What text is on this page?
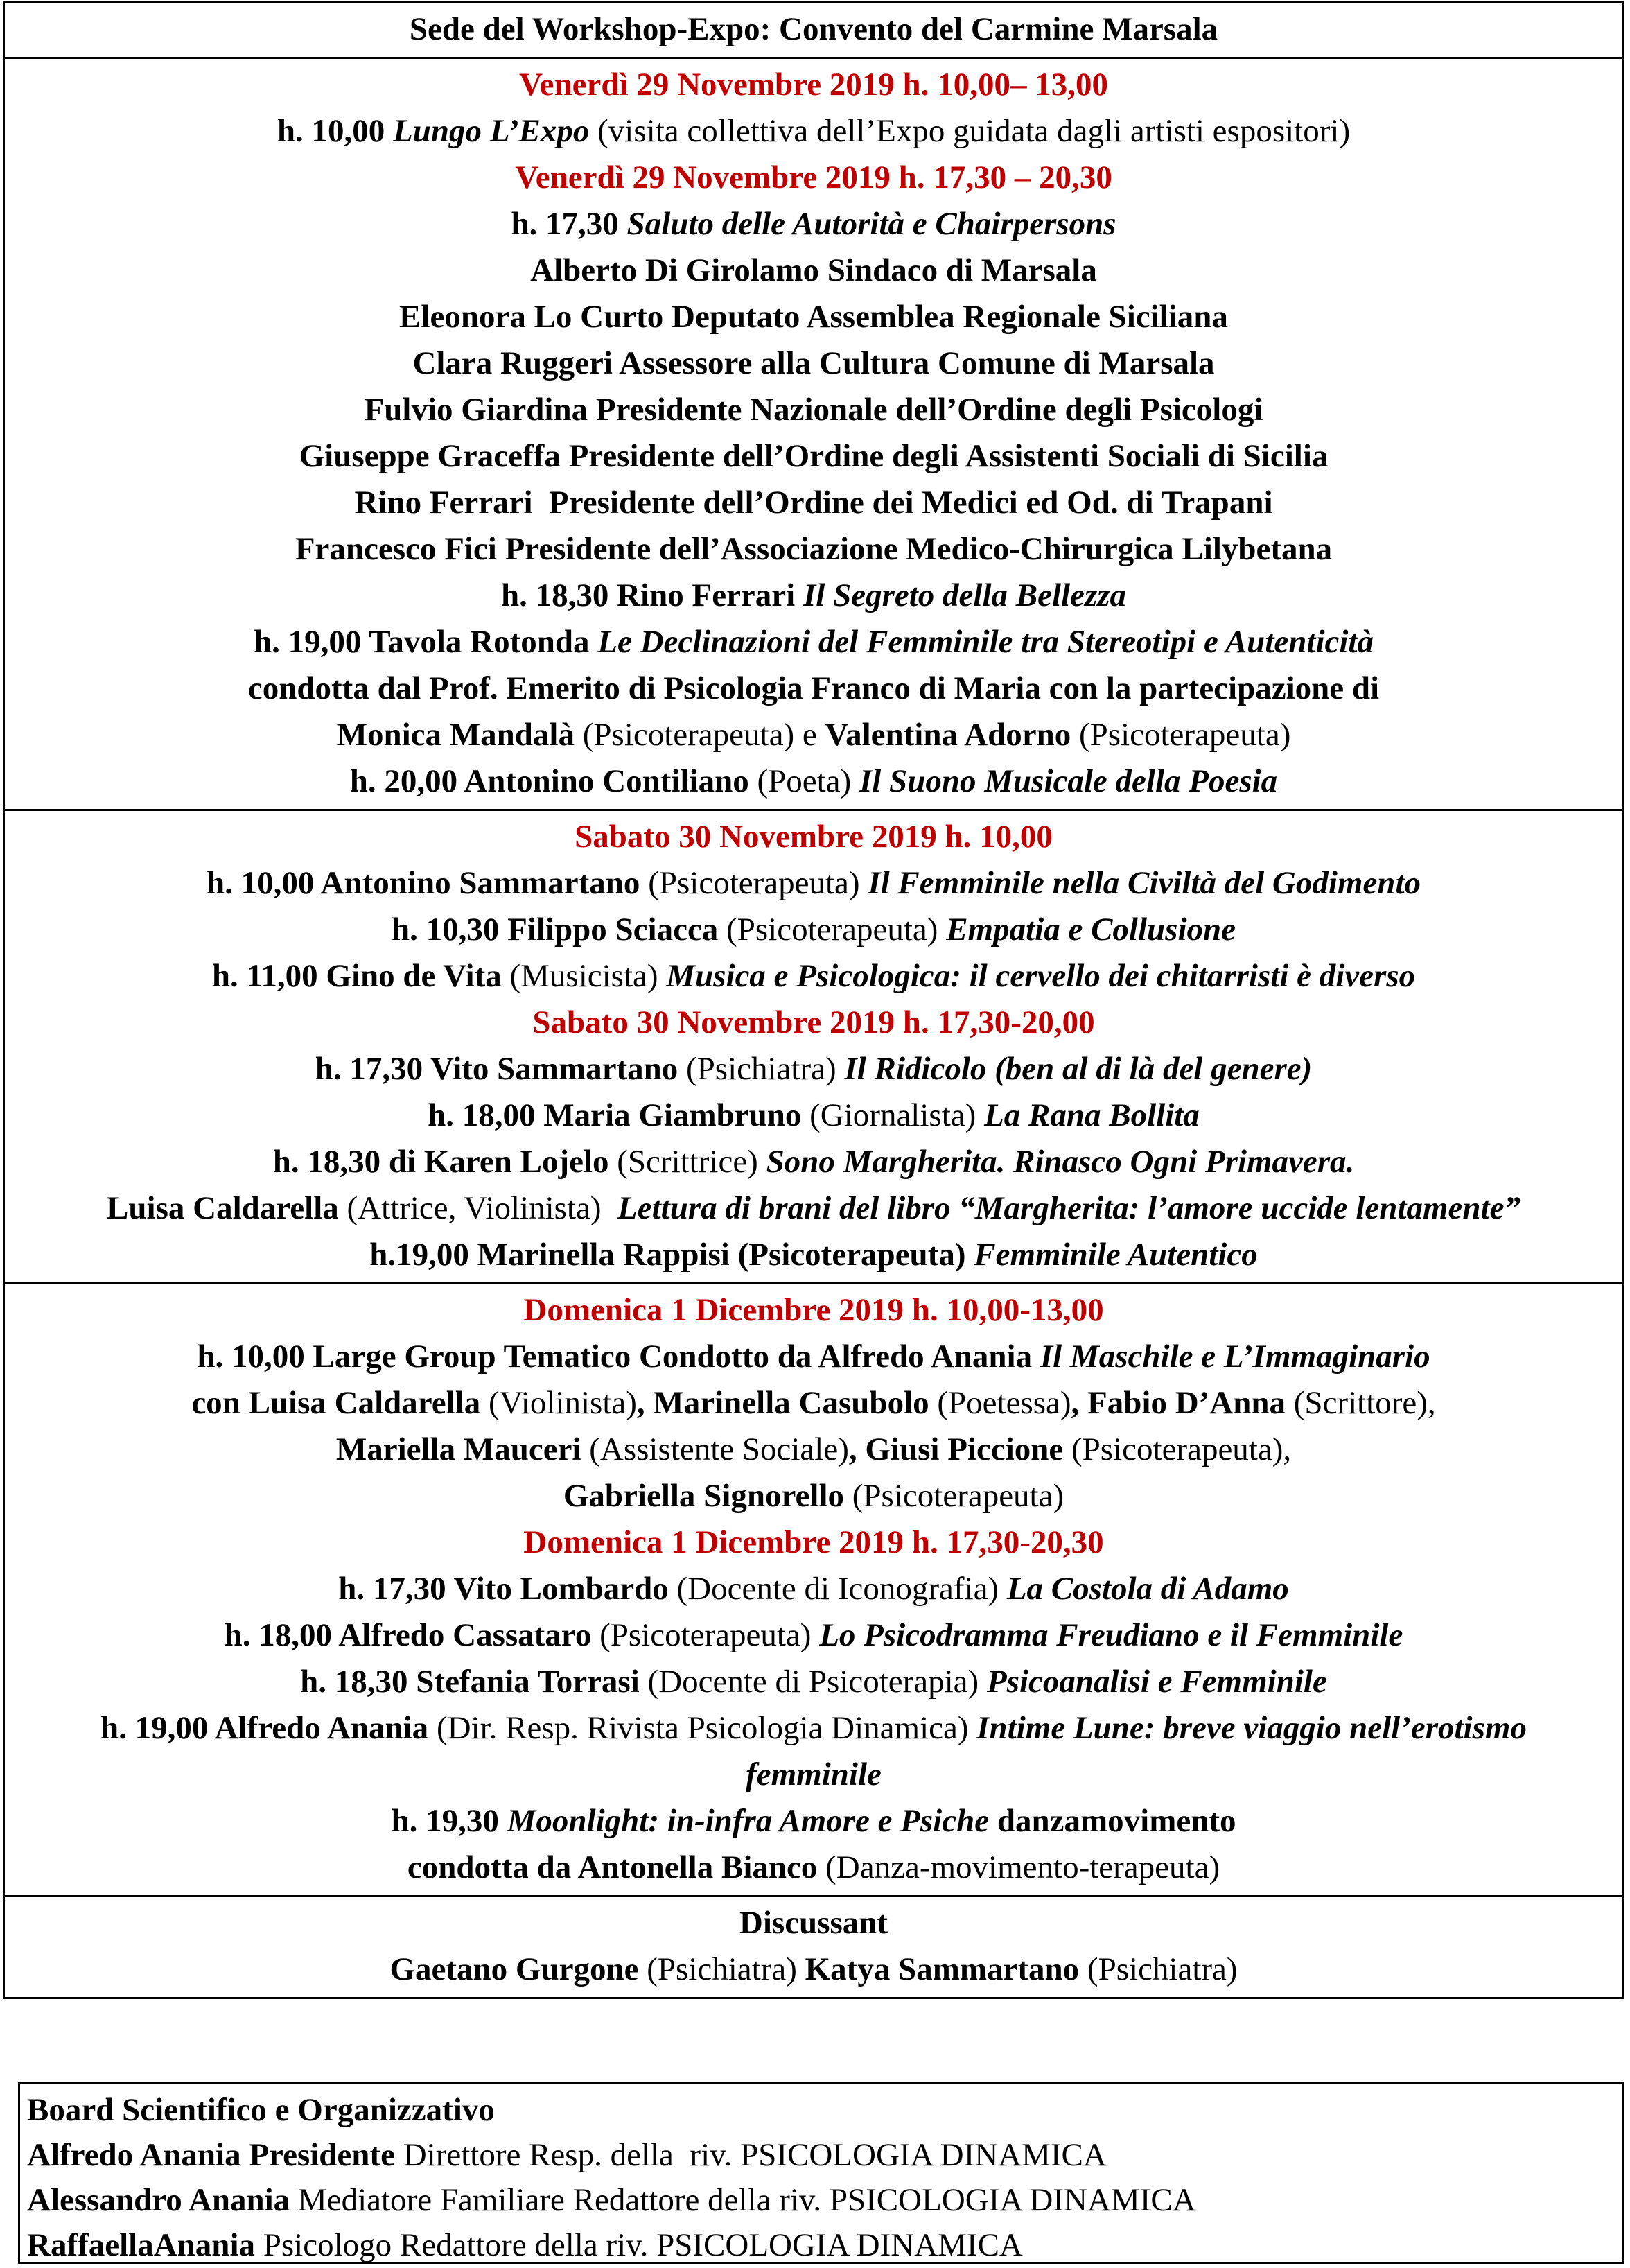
Sede del Workshop-Expo: Convento del Carmine Marsala
Venerdì 29 Novembre 2019 h. 10,00– 13,00
h. 10,00 Lungo L’Expo (visita collettiva dell’Expo guidata dagli artisti espositori)
Venerdì 29 Novembre 2019 h. 17,30 – 20,30
h. 17,30 Saluto delle Autorità e Chairpersons
Alberto Di Girolamo Sindaco di Marsala
Eleonora Lo Curto Deputato Assemblea Regionale Siciliana
Clara Ruggeri Assessore alla Cultura Comune di Marsala
Fulvio Giardina Presidente Nazionale dell’Ordine degli Psicologi
Giuseppe Graceffa Presidente dell’Ordine degli Assistenti Sociali di Sicilia
Rino Ferrari  Presidente dell’Ordine dei Medici ed Od. di Trapani
Francesco Fici Presidente dell’Associazione Medico-Chirurgica Lilybetana
h. 18,30 Rino Ferrari Il Segreto della Bellezza
h. 19,00 Tavola Rotonda Le Declinazioni del Femminile tra Stereotipi e Autenticità
condotta dal Prof. Emerito di Psicologia Franco di Maria con la partecipazione di
Monica Mandalà (Psicoterapeuta) e Valentina Adorno (Psicoterapeuta)
h. 20,00 Antonino Contiliano (Poeta) Il Suono Musicale della Poesia
Sabato 30 Novembre 2019 h. 10,00
h. 10,00 Antonino Sammartano (Psicoterapeuta) Il Femminile nella Civiltà del Godimento
h. 10,30 Filippo Sciacca (Psicoterapeuta) Empatia e Collusione
h. 11,00 Gino de Vita (Musicista) Musica e Psicologica: il cervello dei chitarristi è diverso
Sabato 30 Novembre 2019 h. 17,30-20,00
h. 17,30 Vito Sammartano (Psichiatra) Il Ridicolo (ben al di là del genere)
h. 18,00 Maria Giambruno (Giornalista) La Rana Bollita
h. 18,30 di Karen Lojelo (Scrittrice) Sono Margherita. Rinasco Ogni Primavera.
Luisa Caldarella (Attrice, Violinista)  Lettura di brani del libro “Margherita: l’amore uccide lentamente”
h.19,00 Marinella Rappisi (Psicoterapeuta) Femminile Autentico
Domenica 1 Dicembre 2019 h. 10,00-13,00
h. 10,00 Large Group Tematico Condotto da Alfredo Anania Il Maschile e L’Immaginario
con Luisa Caldarella (Violinista), Marinella Casubolo (Poetessa), Fabio D’Anna (Scrittore),
Mariella Mauceri (Assistente Sociale), Giusi Piccione (Psicoterapeuta),
Gabriella Signorello (Psicoterapeuta)
Domenica 1 Dicembre 2019 h. 17,30-20,30
h. 17,30 Vito Lombardo (Docente di Iconografia) La Costola di Adamo
h. 18,00 Alfredo Cassataro (Psicoterapeuta) Lo Psicodramma Freudiano e il Femminile
h. 18,30 Stefania Torrasi (Docente di Psicoterapia) Psicoanalisi e Femminile
h. 19,00 Alfredo Anania (Dir. Resp. Rivista Psicologia Dinamica) Intime Lune: breve viaggio nell’erotismo femminile
h. 19,30 Moonlight: in-infra Amore e Psiche danzamovimento
condotta da Antonella Bianco (Danza-movimento-terapeuta)
Discussant
Gaetano Gurgone (Psichiatra) Katya Sammartano (Psichiatra)
Board Scientifico e Organizzativo
Alfredo Anania Presidente Direttore Resp. della  riv. PSICOLOGIA DINAMICA
Alessandro Anania Mediatore Familiare Redattore della riv. PSICOLOGIA DINAMICA
RaffaellaAnania Psicologo Redattore della riv. PSICOLOGIA DINAMICA
